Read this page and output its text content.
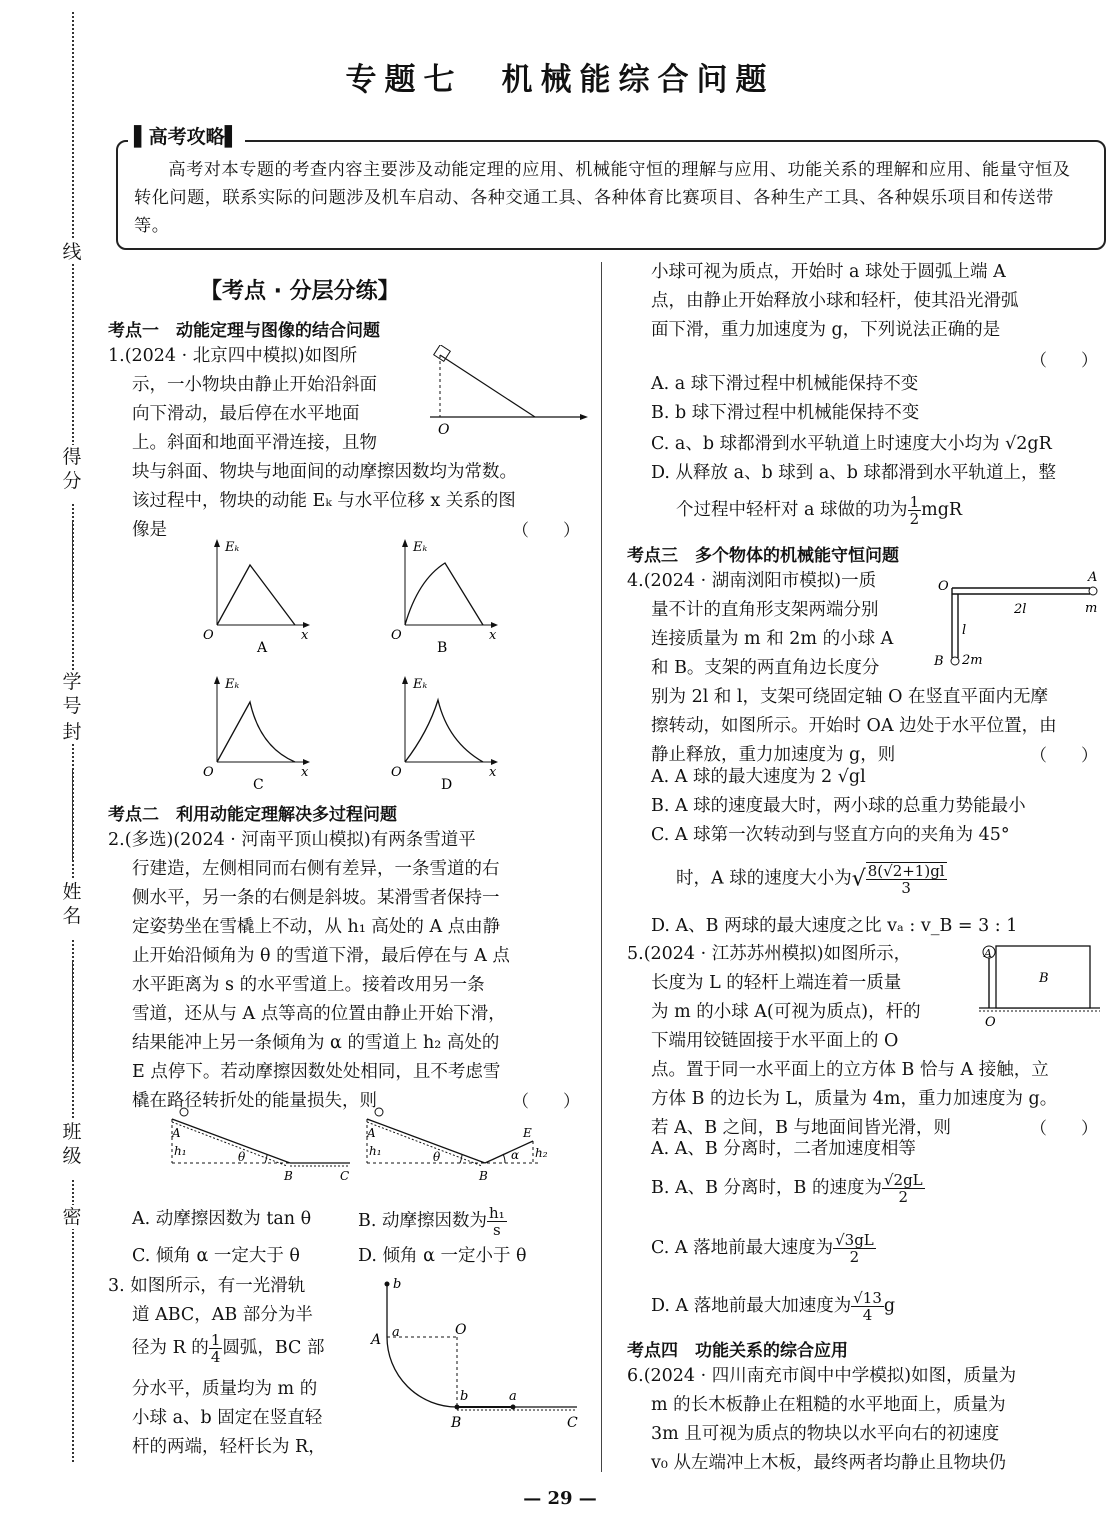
线
得分
学号
封
姓名
班级
密
专题七　机械能综合问题
▌高考攻略▌
高考对本专题的考查内容主要涉及动能定理的应用、机械能守恒的理解与应用、功能关系的理解和应用、能量守恒及转化问题，联系实际的问题涉及机车启动、各种交通工具、各种体育比赛项目、各种生产工具、各种娱乐项目和传送带等。
【考点 · 分层分练】
考点一　动能定理与图像的结合问题
1.(2024 · 北京四中模拟)如图所
示，一小物块由静止开始沿斜面
向下滑动，最后停在水平地面
上。斜面和地面平滑连接，且物
块与斜面、物块与地面间的动摩擦因数均为常数。
该过程中，物块的动能 Eₖ 与水平位移 x 关系的图
像是	（　　）
O
Eₖ
x
O
A
Eₖ
x
O
B
Eₖ
x
O
C
Eₖ
x
O
D
考点二　利用动能定理解决多过程问题
2.(多选)(2024 · 河南平顶山模拟)有两条雪道平
行建造，左侧相同而右侧有差异，一条雪道的右
侧水平，另一条的右侧是斜坡。某滑雪者保持一
定姿势坐在雪橇上不动，从 h₁ 高处的 A 点由静
止开始沿倾角为 θ 的雪道下滑，最后停在与 A 点
水平距离为 s 的水平雪道上。接着改用另一条
雪道，还从与 A 点等高的位置由静止开始下滑，
结果能冲上另一条倾角为 α 的雪道上 h₂ 高处的
E 点停下。若动摩擦因数处处相同，且不考虑雪
橇在路径转折处的能量损失，则	（　　）
A
h₁	θ
B	C
A
h₁	θ
B
E
α h₂
A. 动摩擦因数为 tan θ	B. 动摩擦因数为 $\frac{\text{h₁}}{s}$
C. 倾角 α 一定大于 θ	D. 倾角 α 一定小于 θ
3. 如图所示，有一光滑轨
道 ABC，AB 部分为半
径为 R 的 $\frac{1}{4}$ 圆弧，BC 部
分水平，质量均为 m 的
小球 a、b 固定在竖直轻
杆的两端，轻杆长为 R，
b
A a	O
b	a
B	C
小球可视为质点，开始时 a 球处于圆弧上端 A
点，由静止开始释放小球和轻杆，使其沿光滑弧
面下滑，重力加速度为 g，下列说法正确的是
（　　）
A. a 球下滑过程中机械能保持不变
B. b 球下滑过程中机械能保持不变
C. a、b 球都滑到水平轨道上时速度大小均为 √2gR
D. 从释放 a、b 球到 a、b 球都滑到水平轨道上，整
个过程中轻杆对 a 球做的功为 $\frac{1}{2}$ mgR
考点三　多个物体的机械能守恒问题
4.(2024 · 湖南浏阳市模拟)一质
量不计的直角形支架两端分别
连接质量为 m 和 2m 的小球 A
和 B。支架的两直角边长度分
别为 2l 和 l，支架可绕固定轴 O 在竖直平面内无摩
擦转动，如图所示。开始时 OA 边处于水平位置，由
静止释放，重力加速度为 g，则	（　　）
O
A
m
2l
l
B 2m
A. A 球的最大速度为 2 √gl
B. A 球的速度最大时，两小球的总重力势能最小
C. A 球第一次转动到与竖直方向的夹角为 45°
时，A 球的速度大小为√ $\frac{8(√2+1)gl}{3}$
D. A、B 两球的最大速度之比 vₐ : v_B = 3 : 1
5.(2024 · 江苏苏州模拟)如图所示，
长度为 L 的轻杆上端连着一质量
为 m 的小球 A(可视为质点)，杆的
下端用铰链固接于水平面上的 O
点。置于同一水平面上的立方体 B 恰与 A 接触，立
方体 B 的边长为 L，质量为 4m，重力加速度为 g。
若 A、B 之间，B 与地面间皆光滑，则	（　　）
A
B
O
A. A、B 分离时，二者加速度相等
B. A、B 分离时，B 的速度为 $\frac{√2gL}{2}$
C. A 落地前最大速度为 $\frac{√3gL}{2}$
D. A 落地前最大加速度为 $\frac{√13}{4}$ g
考点四　功能关系的综合应用
6.(2024 · 四川南充市阆中中学模拟)如图，质量为
m 的长木板静止在粗糙的水平地面上，质量为
3m 且可视为质点的物块以水平向右的初速度
v₀ 从左端冲上木板，最终两者均静止且物块仍
— 29 —
